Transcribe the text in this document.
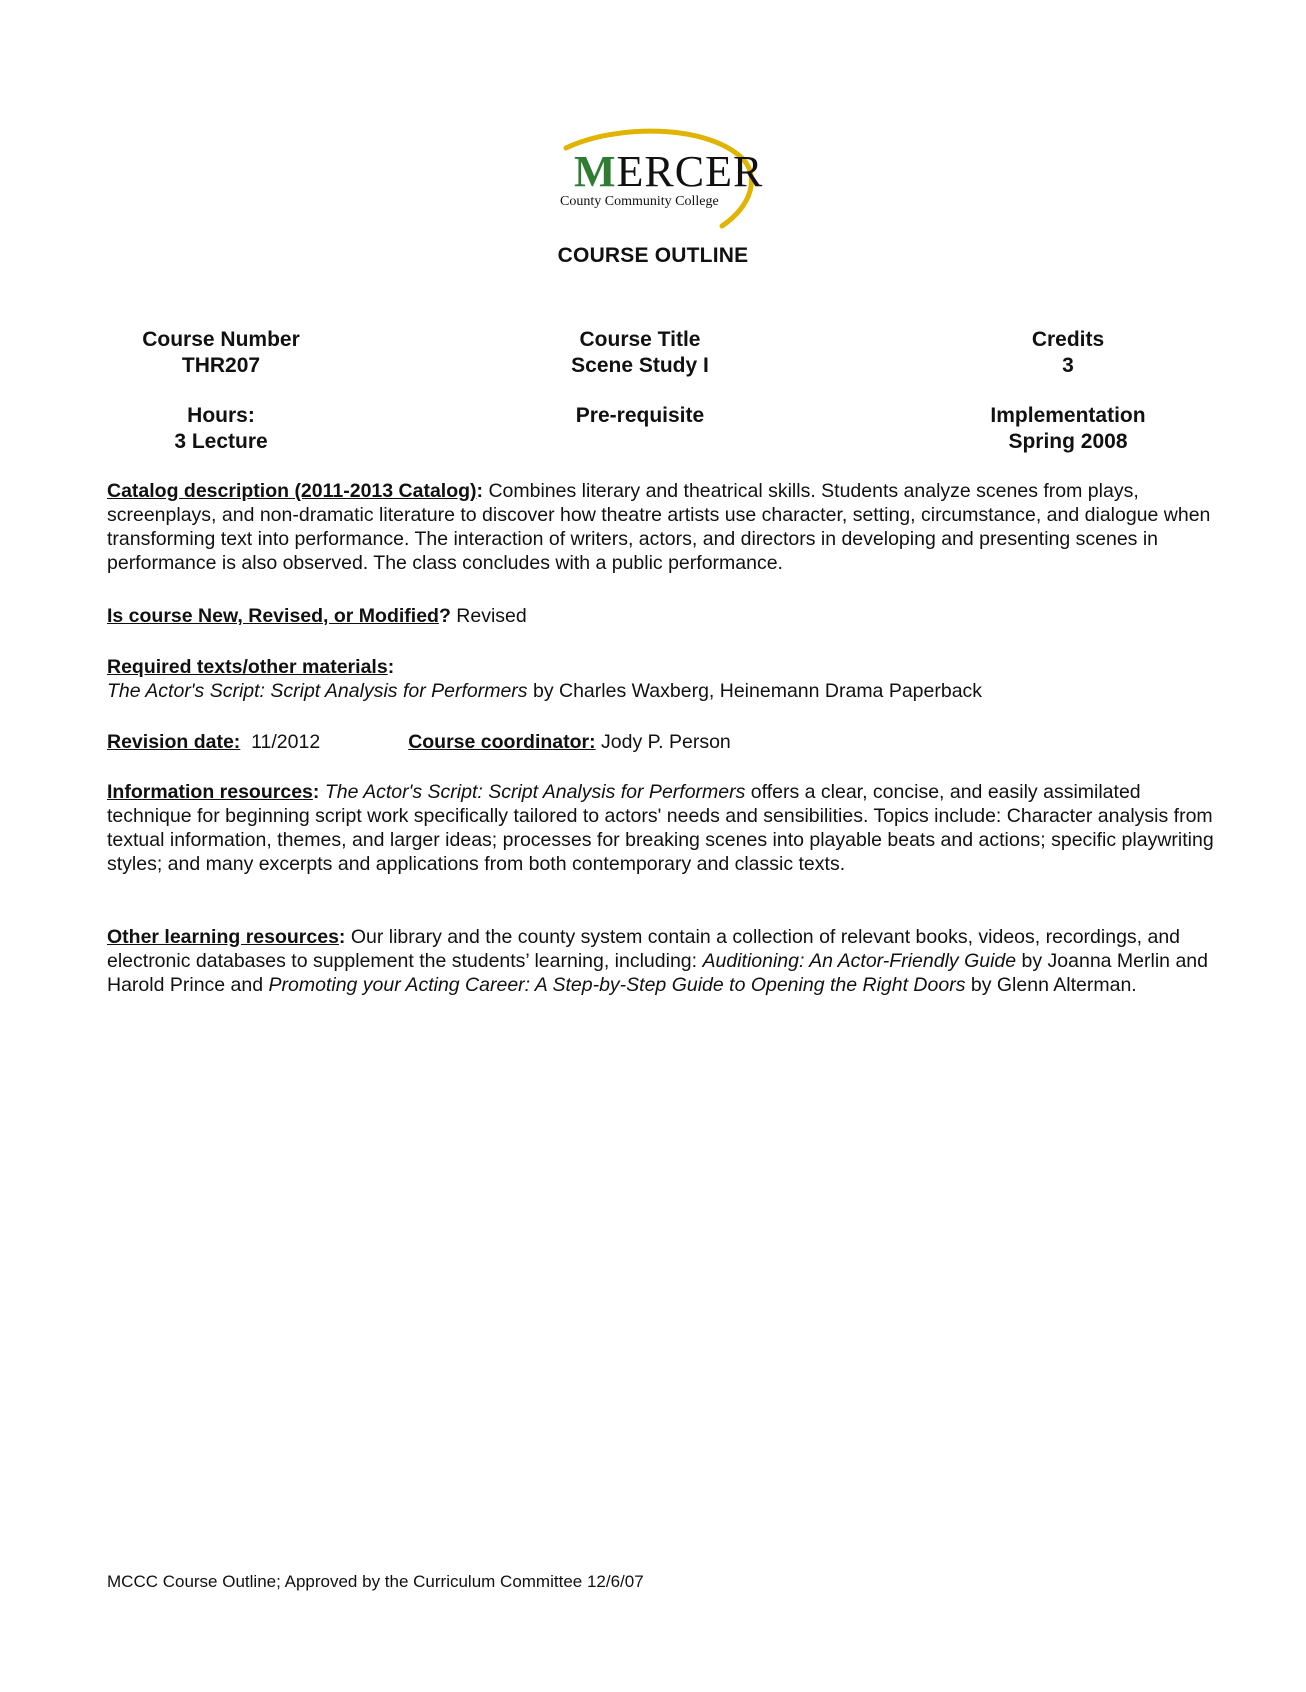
MERCER
County Community College
COURSE OUTLINE
Course Number
THR207
Course Title
Scene Study I
Credits
3
Hours:
3 Lecture
Pre-requisite	Implementation
Spring 2008
Catalog description (2011-2013 Catalog): Combines literary and theatrical skills. Students analyze scenes from plays, screenplays, and non-dramatic literature to discover how theatre artists use character, setting, circumstance, and dialogue when transforming text into performance. The interaction of writers, actors, and directors in developing and presenting scenes in performance is also observed. The class concludes with a public performance.
Is course New, Revised, or Modified? Revised
Required texts/other materials:
The Actor's Script: Script Analysis for Performers by Charles Waxberg, Heinemann Drama Paperback
Revision date: 11/2012	Course coordinator: Jody P. Person
Information resources: The Actor's Script: Script Analysis for Performers offers a clear, concise, and easily assimilated technique for beginning script work specifically tailored to actors' needs and sensibilities. Topics include: Character analysis from textual information, themes, and larger ideas; processes for breaking scenes into playable beats and actions; specific playwriting styles; and many excerpts and applications from both contemporary and classic texts.
Other learning resources: Our library and the county system contain a collection of relevant books, videos, recordings, and electronic databases to supplement the students’ learning, including: Auditioning: An Actor-Friendly Guide by Joanna Merlin and Harold Prince and Promoting your Acting Career: A Step-by-Step Guide to Opening the Right Doors by Glenn Alterman.
MCCC Course Outline; Approved by the Curriculum Committee 12/6/07
